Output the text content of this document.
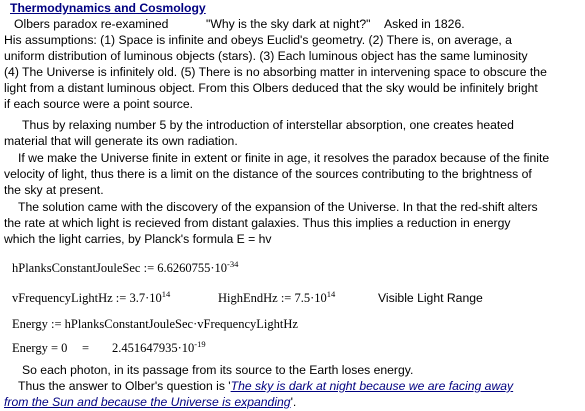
Thermodynamics and Cosmology
Olbers paradox re-examined	"Why is the sky dark at night?" Asked in 1826.
His assumptions: (1) Space is infinite and obeys Euclid's geometry. (2) There is, on average, a
uniform distribution of luminous objects (stars). (3) Each luminous object has the same luminosity
(4) The Universe is infinitely old. (5) There is no absorbing matter in intervening space to obscure the
light from a distant luminous object. From this Olbers deduced that the sky would be infinitely bright
if each source were a point source.
Thus by relaxing number 5 by the introduction of interstellar absorption, one creates heated
material that will generate its own radiation.
If we make the Universe finite in extent or finite in age, it resolves the paradox because of the finite
velocity of light, thus there is a limit on the distance of the sources contributing to the brightness of
the sky at present.
The solution came with the discovery of the expansion of the Universe. In that the red-shift alters
the rate at which light is recieved from distant galaxies. Thus this implies a reduction in energy
which the light carries, by Planck's formula E = hv
hPlanksConstantJouleSec := $6.6260755\cdot 10^{-34}$
vFrequencyLightHz := $3.7\cdot 10^{14}$	HighEndHz := $7.5\cdot 10^{14}$	Visible Light Range
Energy := hPlanksConstantJouleSec·vFrequencyLightHz
Energy = $0 = 2.451647935\cdot 10^{-19}$
So each photon, in its passage from its source to the Earth loses energy.
Thus the answer to Olber's question is 'The sky is dark at night because we are facing away
from the Sun and because the Universe is expanding'.
